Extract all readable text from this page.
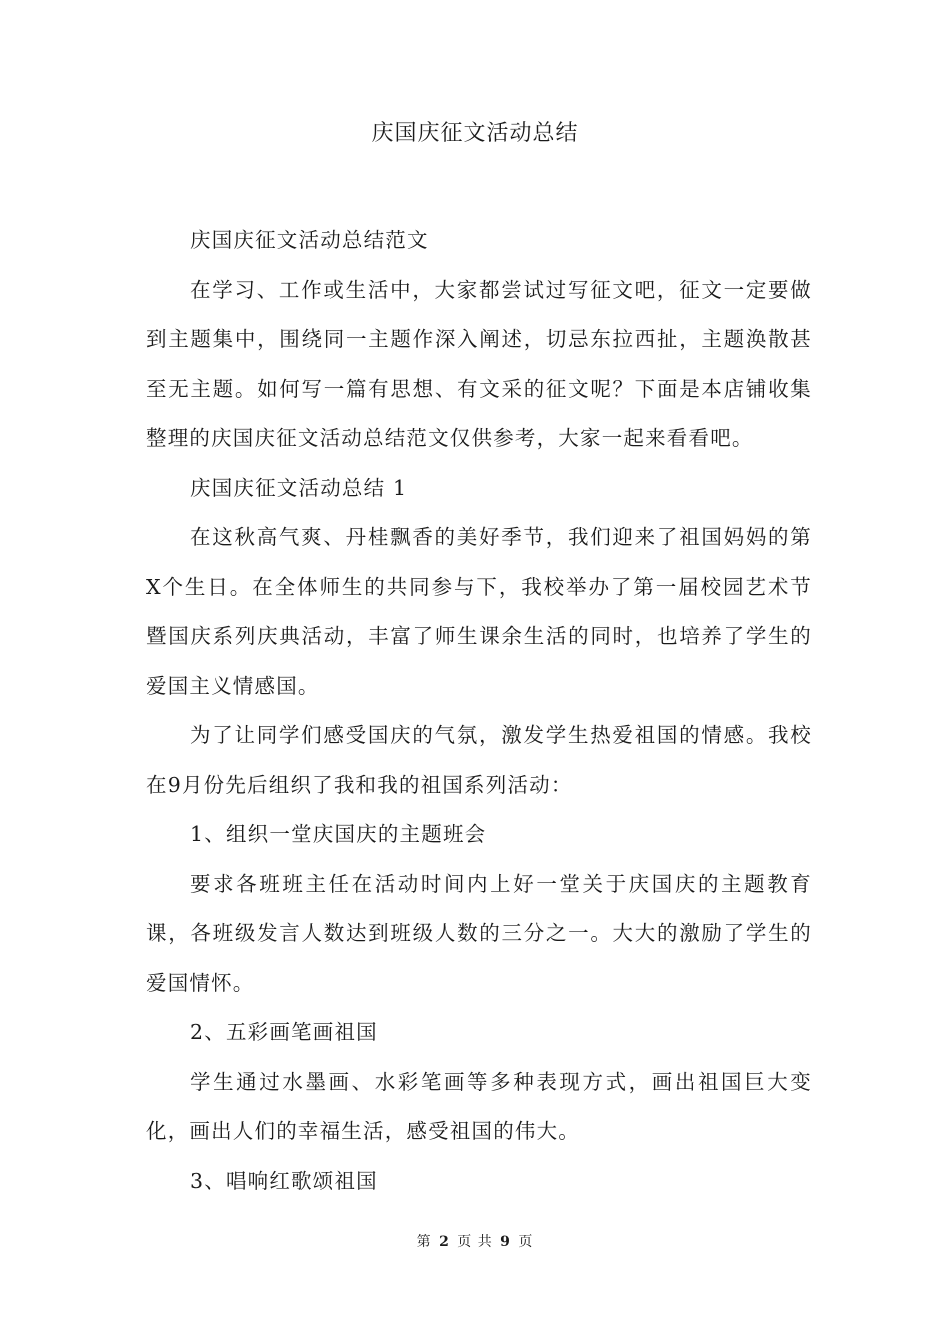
庆国庆征文活动总结

庆国庆征文活动总结范文

在学习、工作或生活中，大家都尝试过写征文吧，征文一定要做到主题集中，围绕同一主题作深入阐述，切忌东拉西扯，主题涣散甚至无主题。如何写一篇有思想、有文采的征文呢？下面是本店铺收集整理的庆国庆征文活动总结范文仅供参考，大家一起来看看吧。

庆国庆征文活动总结 1

在这秋高气爽、丹桂飘香的美好季节，我们迎来了祖国妈妈的第X个生日。在全体师生的共同参与下，我校举办了第一届校园艺术节暨国庆系列庆典活动，丰富了师生课余生活的同时，也培养了学生的爱国主义情感国。

为了让同学们感受国庆的气氛，激发学生热爱祖国的情感。我校在9月份先后组织了我和我的祖国系列活动：

1、组织一堂庆国庆的主题班会

要求各班班主任在活动时间内上好一堂关于庆国庆的主题教育课，各班级发言人数达到班级人数的三分之一。大大的激励了学生的爱国情怀。

2、五彩画笔画祖国

学生通过水墨画、水彩笔画等多种表现方式，画出祖国巨大变化，画出人们的幸福生活，感受祖国的伟大。

3、唱响红歌颂祖国

第 2 页 共 9 页
